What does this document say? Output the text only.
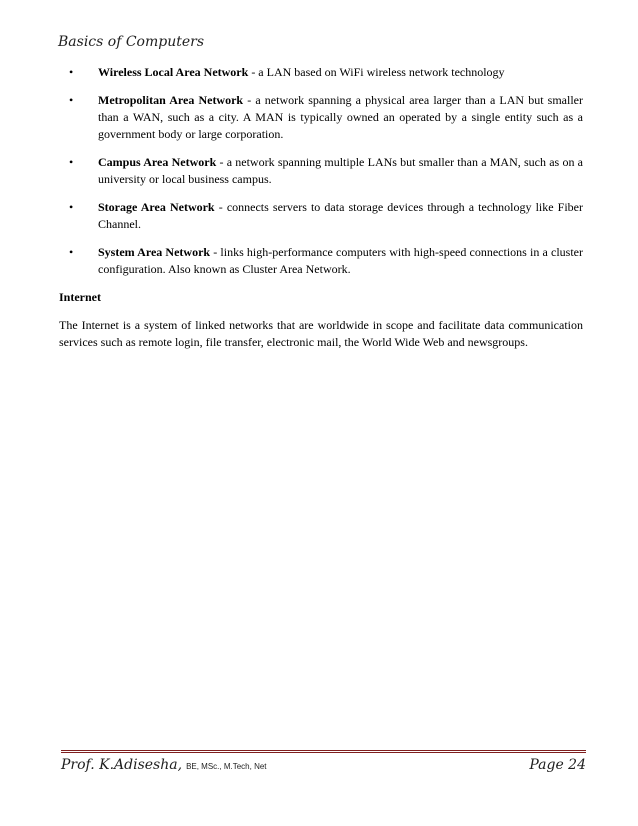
Basics of Computers
• Wireless Local Area Network - a LAN based on WiFi wireless network technology
• Metropolitan Area Network - a network spanning a physical area larger than a LAN but smaller than a WAN, such as a city. A MAN is typically owned an operated by a single entity such as a government body or large corporation.
• Campus Area Network - a network spanning multiple LANs but smaller than a MAN, such as on a university or local business campus.
• Storage Area Network - connects servers to data storage devices through a technology like Fiber Channel.
• System Area Network - links high-performance computers with high-speed connections in a cluster configuration. Also known as Cluster Area Network.
Internet
The Internet is a system of linked networks that are worldwide in scope and facilitate data communication services such as remote login, file transfer, electronic mail, the World Wide Web and newsgroups.
Prof. K.Adisesha, BE, MSc., M.Tech, Net	Page 24
